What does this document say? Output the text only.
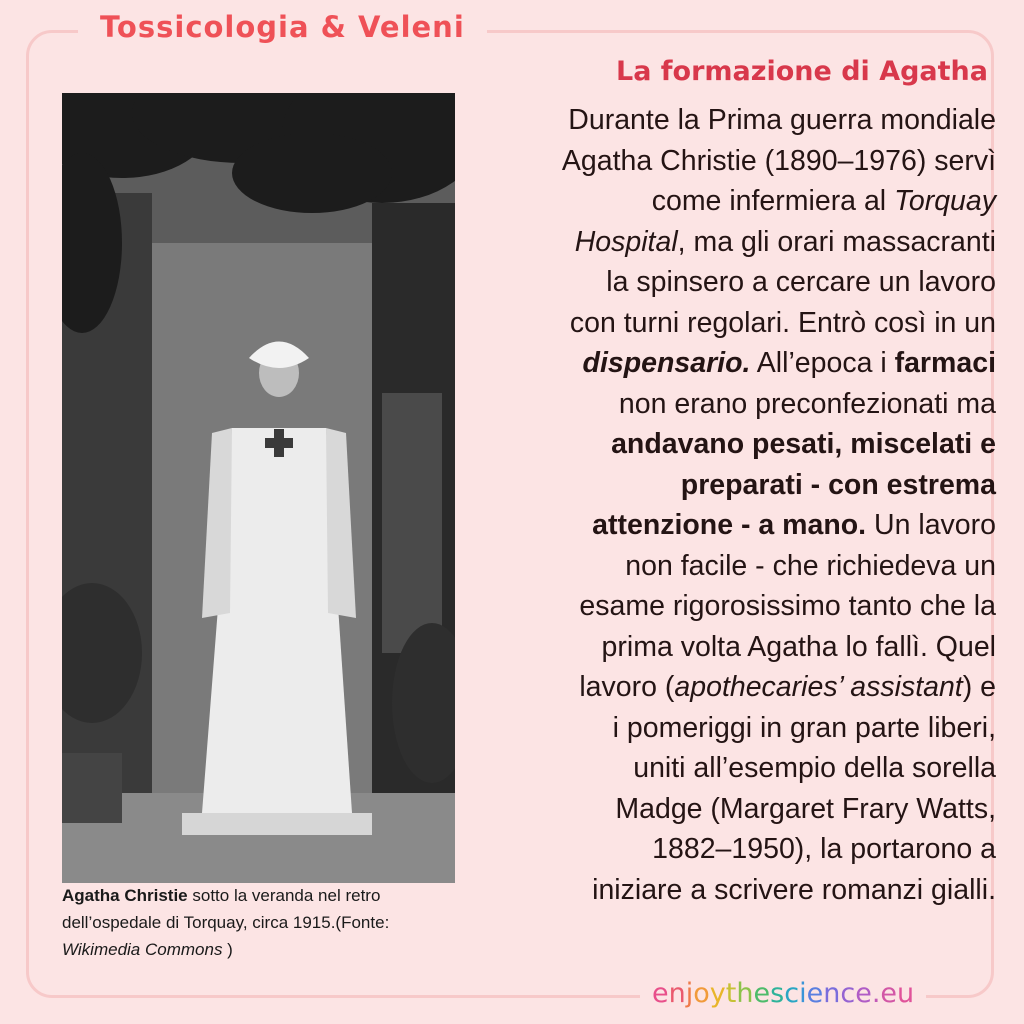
Tossicologia & Veleni
La formazione di Agatha
Agatha Christie sotto la veranda nel retro dell’ospedale di Torquay, circa 1915.(Fonte: Wikimedia Commons )
Durante la Prima guerra mondiale
Agatha Christie (1890–1976) servì
come infermiera al Torquay
Hospital, ma gli orari massacranti
la spinsero a cercare un lavoro
con turni regolari. Entrò così in un
dispensario. All’epoca i farmaci
non erano preconfezionati ma
andavano pesati, miscelati e
preparati - con estrema
attenzione - a mano. Un lavoro
non facile - che richiedeva un
esame rigorosissimo tanto che la
prima volta Agatha lo fallì. Quel
lavoro (apothecaries’ assistant) e
i pomeriggi in gran parte liberi,
uniti all’esempio della sorella
Madge (Margaret Frary Watts,
1882–1950), la portarono a
iniziare a scrivere romanzi gialli.
enjoythescience.eu
